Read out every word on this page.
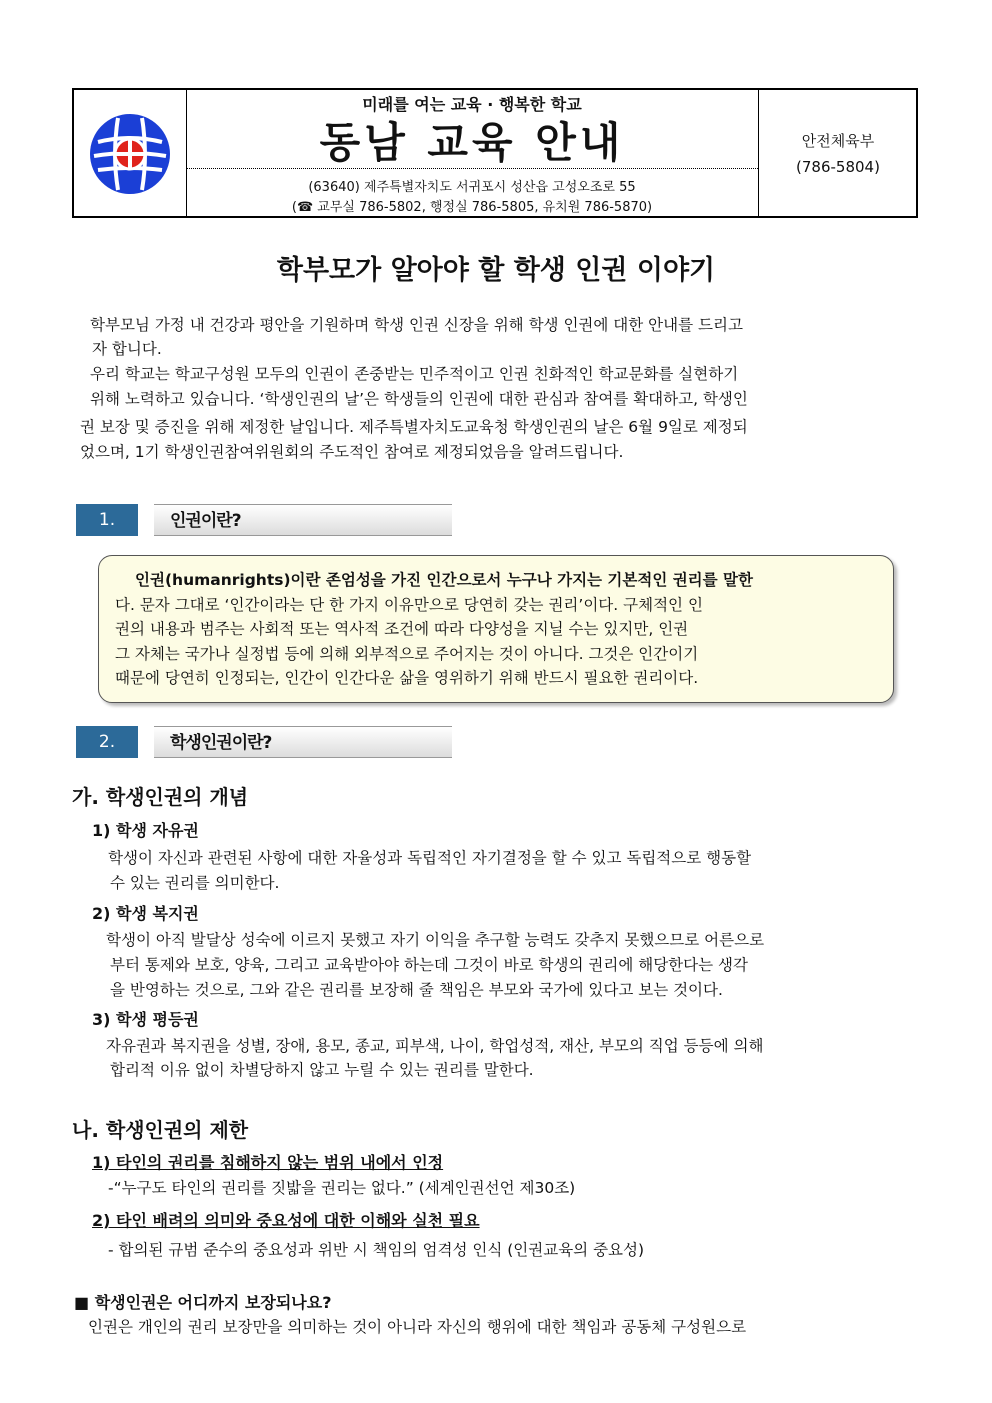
미래를 여는 교육 · 행복한 학교
동남 교육 안내
(63640) 제주특별자치도 서귀포시 성산읍 고성오조로 55
(☎ 교무실 786-5802, 행정실 786-5805, 유치원 786-5870)
안전체육부
(786-5804)
학부모가 알아야 할 학생 인권 이야기
학부모님 가정 내 건강과 평안을 기원하며 학생 인권 신장을 위해 학생 인권에 대한 안내를 드리고
자 합니다.
우리 학교는 학교구성원 모두의 인권이 존중받는 민주적이고 인권 친화적인 학교문화를 실현하기
위해 노력하고 있습니다. ‘학생인권의 날’은 학생들의 인권에 대한 관심과 참여를 확대하고, 학생인
권 보장 및 증진을 위해 제정한 날입니다. 제주특별자치도교육청 학생인권의 날은 6월 9일로 제정되
었으며, 1기 학생인권참여위원회의 주도적인 참여로 제정되었음을 알려드립니다.
1.	인권이란?
인권(humanrights)이란 존엄성을 가진 인간으로서 누구나 가지는 기본적인 권리를 말한
다. 문자 그대로 ‘인간이라는 단 한 가지 이유만으로 당연히 갖는 권리’이다. 구체적인 인
권의 내용과 범주는 사회적 또는 역사적 조건에 따라 다양성을 지닐 수는 있지만, 인권
그 자체는 국가나 실정법 등에 의해 외부적으로 주어지는 것이 아니다. 그것은 인간이기
때문에 당연히 인정되는, 인간이 인간다운 삶을 영위하기 위해 반드시 필요한 권리이다.
2.	학생인권이란?
가. 학생인권의 개념
1) 학생 자유권
학생이 자신과 관련된 사항에 대한 자율성과 독립적인 자기결정을 할 수 있고 독립적으로 행동할
수 있는 권리를 의미한다.
2) 학생 복지권
학생이 아직 발달상 성숙에 이르지 못했고 자기 이익을 추구할 능력도 갖추지 못했으므로 어른으로
부터 통제와 보호, 양육, 그리고 교육받아야 하는데 그것이 바로 학생의 권리에 해당한다는 생각
을 반영하는 것으로, 그와 같은 권리를 보장해 줄 책임은 부모와 국가에 있다고 보는 것이다.
3) 학생 평등권
자유권과 복지권을 성별, 장애, 용모, 종교, 피부색, 나이, 학업성적, 재산, 부모의 직업 등등에 의해
합리적 이유 없이 차별당하지 않고 누릴 수 있는 권리를 말한다.
나. 학생인권의 제한
1) 타인의 권리를 침해하지 않는 범위 내에서 인정
-“누구도 타인의 권리를 짓밟을 권리는 없다.” (세계인권선언 제30조)
2) 타인 배려의 의미와 중요성에 대한 이해와 실천 필요
- 합의된 규범 준수의 중요성과 위반 시 책임의 엄격성 인식 (인권교육의 중요성)
■ 학생인권은 어디까지 보장되나요?
인권은 개인의 권리 보장만을 의미하는 것이 아니라 자신의 행위에 대한 책임과 공동체 구성원으로
